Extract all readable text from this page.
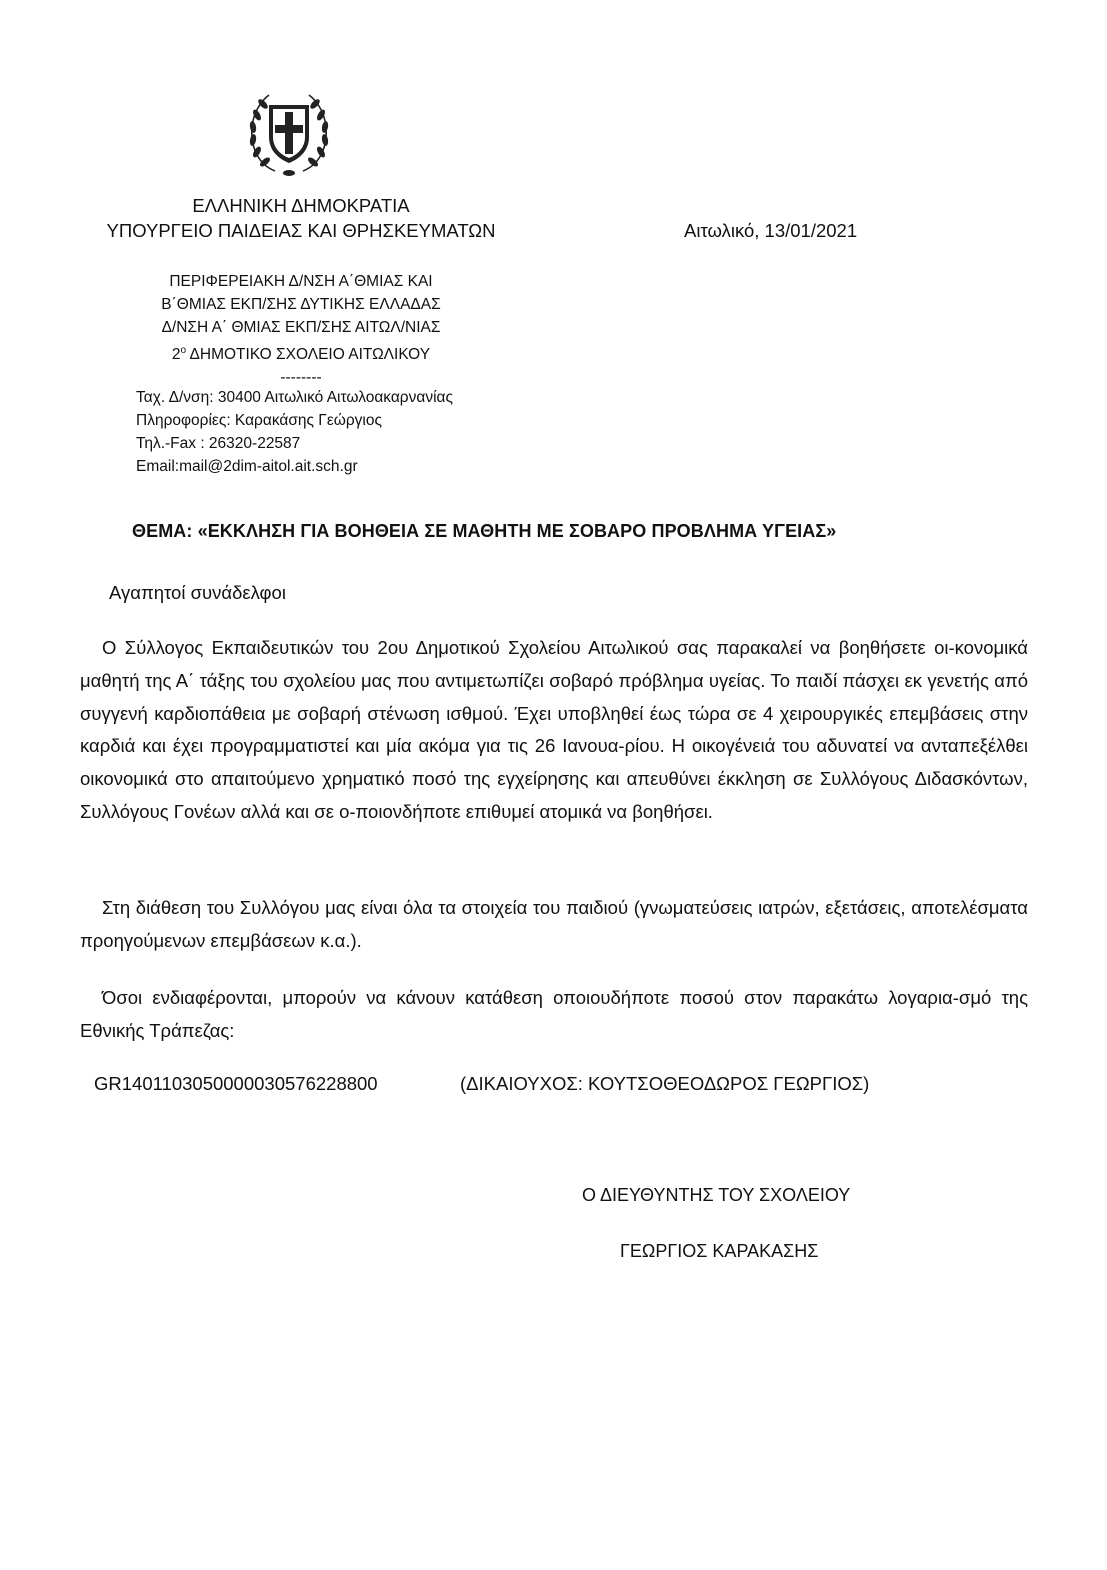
ΕΛΛΗΝΙΚΗ ΔΗΜΟΚΡΑΤΙΑ
ΥΠΟΥΡΓΕΙΟ ΠΑΙΔΕΙΑΣ ΚΑΙ ΘΡΗΣΚΕΥΜΑΤΩΝ	Αιτωλικό, 13/01/2021
ΠΕΡΙΦΕΡΕΙΑΚΗ Δ/ΝΣΗ Α΄ΘΜΙΑΣ ΚΑΙ
Β΄ΘΜΙΑΣ ΕΚΠ/ΣΗΣ ΔΥΤΙΚΗΣ ΕΛΛΑΔΑΣ
Δ/ΝΣΗ Α΄ ΘΜΙΑΣ ΕΚΠ/ΣΗΣ ΑΙΤΩΛ/ΝΙΑΣ
$2^o$ ΔΗΜΟΤΙΚΟ ΣΧΟΛΕΙΟ ΑΙΤΩΛΙΚΟΥ
--------
Ταχ. Δ/νση: 30400 Αιτωλικό Αιτωλοακαρνανίας
Πληροφορίες: Καρακάσης Γεώργιος
Τηλ.-Fax : 26320-22587
Email:mail@2dim-aitol.ait.sch.gr
ΘΕΜΑ: «ΕΚΚΛΗΣΗ ΓΙΑ ΒΟΗΘΕΙΑ ΣΕ ΜΑΘΗΤΗ ΜΕ ΣΟΒΑΡΟ ΠΡΟΒΛΗΜΑ ΥΓΕΙΑΣ»
Αγαπητοί συνάδελφοι

Ο Σύλλογος Εκπαιδευτικών του 2ου Δημοτικού Σχολείου Αιτωλικού σας παρακαλεί να βοηθήσετε οι-κονομικά μαθητή της Α΄ τάξης του σχολείου μας που αντιμετωπίζει σοβαρό πρόβλημα υγείας. Το παιδί πάσχει εκ γενετής από συγγενή καρδιοπάθεια με σοβαρή στένωση ισθμού. Έχει υποβληθεί έως τώρα σε 4 χειρουργικές επεμβάσεις στην καρδιά και έχει προγραμματιστεί και μία ακόμα για τις 26 Ιανουα-ρίου. Η οικογένειά του αδυνατεί να ανταπεξέλθει οικονομικά στο απαιτούμενο χρηματικό ποσό της εγχείρησης και απευθύνει έκκληση σε Συλλόγους Διδασκόντων, Συλλόγους Γονέων αλλά και σε ο-ποιονδήποτε επιθυμεί ατομικά να βοηθήσει.

Στη διάθεση του Συλλόγου μας είναι όλα τα στοιχεία του παιδιού (γνωματεύσεις ιατρών, εξετάσεις, αποτελέσματα προηγούμενων επεμβάσεων κ.α.).

Όσοι ενδιαφέρονται, μπορούν να κάνουν κατάθεση οποιουδήποτε ποσού στον παρακάτω λογαρια-σμό της Εθνικής Τράπεζας:

GR1401103050000030576228800	(ΔΙΚΑΙΟΥΧΟΣ: ΚΟΥΤΣΟΘΕΟΔΩΡΟΣ ΓΕΩΡΓΙΟΣ)
Ο ΔΙΕΥΘΥΝΤΗΣ ΤΟΥ ΣΧΟΛΕΙΟΥ
ΓΕΩΡΓΙΟΣ ΚΑΡΑΚΑΣΗΣ
